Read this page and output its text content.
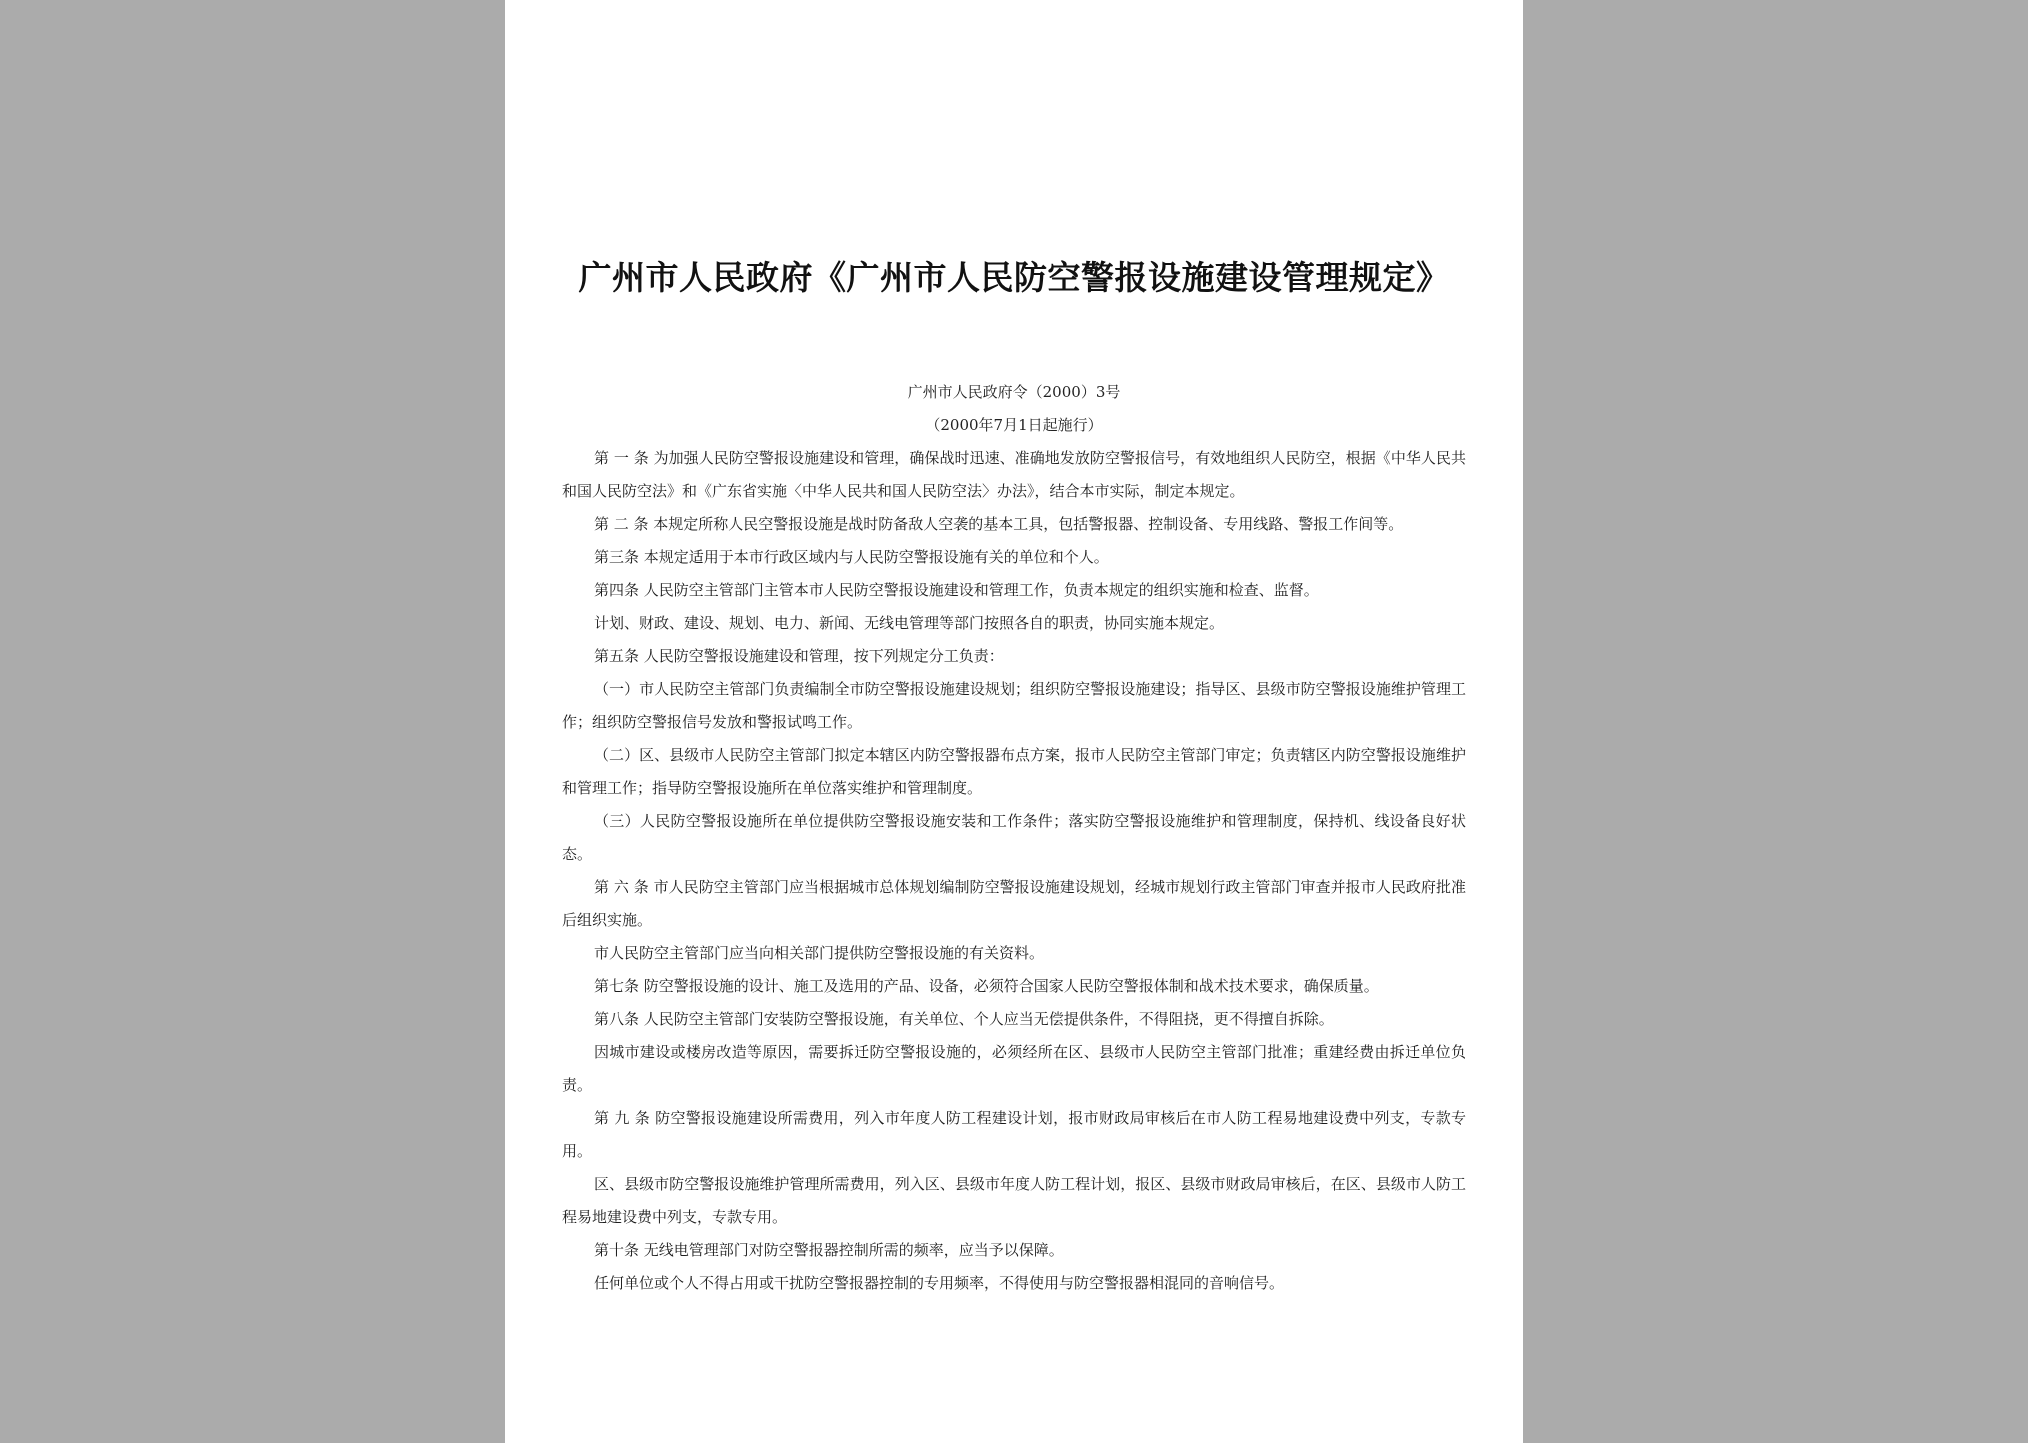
广州市人民政府《广州市人民防空警报设施建设管理规定》
广州市人民政府令（2000）3号
（2000年7月1日起施行）

第 一 条 为加强人民防空警报设施建设和管理，确保战时迅速、准确地发放防空警报信号，有效地组织人民防空，根据《中华人民共和国人民防空法》和《广东省实施〈中华人民共和国人民防空法〉办法》，结合本市实际，制定本规定。

第 二 条 本规定所称人民空警报设施是战时防备敌人空袭的基本工具，包括警报器、控制设备、专用线路、警报工作间等。

第三条 本规定适用于本市行政区域内与人民防空警报设施有关的单位和个人。

第四条 人民防空主管部门主管本市人民防空警报设施建设和管理工作，负责本规定的组织实施和检查、监督。

计划、财政、建设、规划、电力、新闻、无线电管理等部门按照各自的职责，协同实施本规定。

第五条 人民防空警报设施建设和管理，按下列规定分工负责：

（一）市人民防空主管部门负责编制全市防空警报设施建设规划；组织防空警报设施建设；指导区、县级市防空警报设施维护管理工作；组织防空警报信号发放和警报试鸣工作。

（二）区、县级市人民防空主管部门拟定本辖区内防空警报器布点方案，报市人民防空主管部门审定；负责辖区内防空警报设施维护和管理工作；指导防空警报设施所在单位落实维护和管理制度。

（三）人民防空警报设施所在单位提供防空警报设施安装和工作条件；落实防空警报设施维护和管理制度，保持机、线设备良好状态。

第 六 条 市人民防空主管部门应当根据城市总体规划编制防空警报设施建设规划，经城市规划行政主管部门审查并报市人民政府批准后组织实施。

市人民防空主管部门应当向相关部门提供防空警报设施的有关资料。

第七条 防空警报设施的设计、施工及选用的产品、设备，必须符合国家人民防空警报体制和战术技术要求，确保质量。

第八条 人民防空主管部门安装防空警报设施，有关单位、个人应当无偿提供条件，不得阻挠，更不得擅自拆除。

因城市建设或楼房改造等原因，需要拆迁防空警报设施的，必须经所在区、县级市人民防空主管部门批准；重建经费由拆迁单位负责。

第 九 条 防空警报设施建设所需费用，列入市年度人防工程建设计划，报市财政局审核后在市人防工程易地建设费中列支，专款专用。

区、县级市防空警报设施维护管理所需费用，列入区、县级市年度人防工程计划，报区、县级市财政局审核后，在区、县级市人防工程易地建设费中列支，专款专用。

第十条 无线电管理部门对防空警报器控制所需的频率，应当予以保障。

任何单位或个人不得占用或干扰防空警报器控制的专用频率，不得使用与防空警报器相混同的音响信号。
